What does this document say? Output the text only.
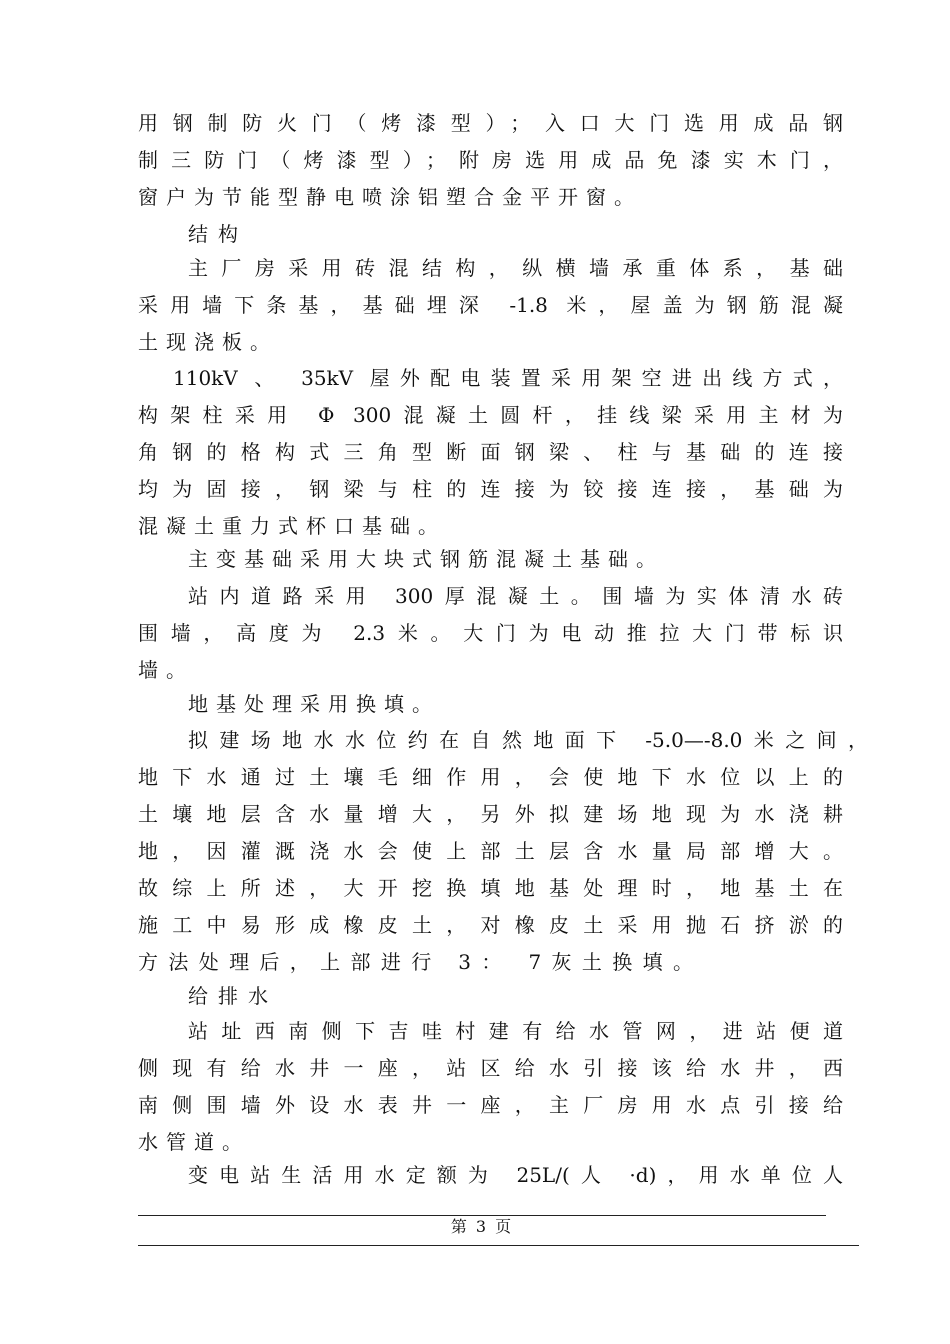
用钢制防火门（烤漆型）；入口大门选用成品钢
制三防门（烤漆型）；附房选用成品免漆实木门，
窗户为节能型静电喷涂铝塑合金平开窗。
结构
主厂房采用砖混结构，纵横墙承重体系，基础
采用墙下条基，基础埋深 -1.8 米，屋盖为钢筋混凝
土现浇板。
110kV 、 35kV 屋外配电装置采用架空进出线方式，
构架柱采用 Φ 300混凝土圆杆，挂线梁采用主材为
角钢的格构式三角型断面钢梁、柱与基础的连接
均为固接，钢梁与柱的连接为铰接连接，基础为
混凝土重力式杯口基础。
主变基础采用大块式钢筋混凝土基础。
站内道路采用 300厚混凝土。围墙为实体清水砖
围墙，高度为 2.3米。大门为电动推拉大门带标识
墙。
地基处理采用换填。
拟建场地水水位约在自然地面下 -5.0—-8.0米之间，
地下水通过土壤毛细作用，会使地下水位以上的
土壤地层含水量增大，另外拟建场地现为水浇耕
地，因灌溉浇水会使上部土层含水量局部增大。
故综上所述，大开挖换填地基处理时，地基土在
施工中易形成橡皮土，对橡皮土采用抛石挤淤的
方法处理后，上部进行 3： 7灰土换填。
给排水
站址西南侧下吉哇村建有给水管网，进站便道
侧现有给水井一座，站区给水引接该给水井，西
南侧围墙外设水表井一座，主厂房用水点引接给
水管道。
变电站生活用水定额为 25L/(人 ·d)，用水单位人
第 3 页
